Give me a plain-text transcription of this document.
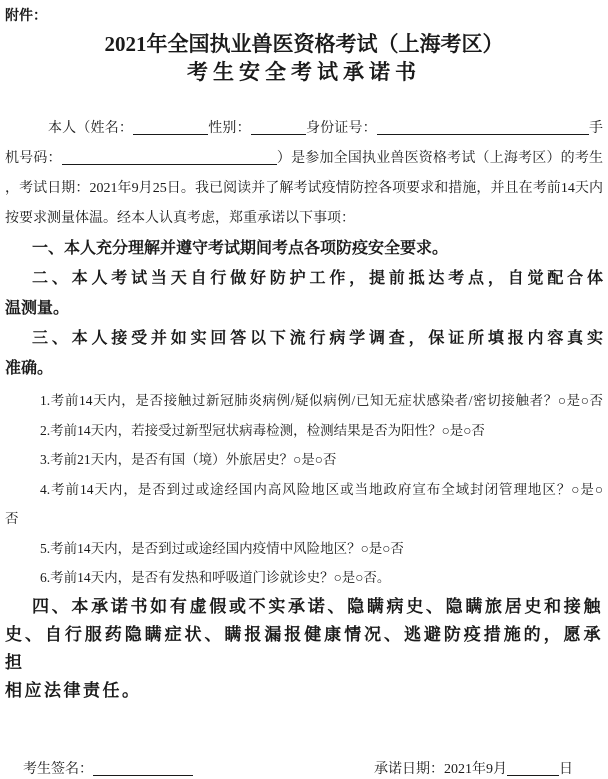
附件：
2021年全国执业兽医资格考试（上海考区）
考生安全考试承诺书
本人（姓名：	性别：	身份证号：	手
机号码：	）是参加全国执业兽医资格考试（上海考区）的考生
，考试日期：2021年9月25日。我已阅读并了解考试疫情防控各项要求和措施，并且在考前14天内
按要求测量体温。经本人认真考虑，郑重承诺以下事项：
一、本人充分理解并遵守考试期间考点各项防疫安全要求。
二、本人考试当天自行做好防护工作，提前抵达考点，自觉配合体
温测量。
三、本人接受并如实回答以下流行病学调查，保证所填报内容真实
准确。
1.考前14天内，是否接触过新冠肺炎病例/疑似病例/已知无症状感染者/密切接触者？○是○否
2.考前14天内，若接受过新型冠状病毒检测，检测结果是否为阳性？○是○否
3.考前21天内，是否有国（境）外旅居史？○是○否
4.考前14天内，是否到过或途经国内高风险地区或当地政府宣布全域封闭管理地区？○是○
否
5.考前14天内，是否到过或途经国内疫情中风险地区？○是○否
6.考前14天内，是否有发热和呼吸道门诊就诊史？○是○否。
四、本承诺书如有虚假或不实承诺、隐瞒病史、隐瞒旅居史和接触
史、自行服药隐瞒症状、瞒报漏报健康情况、逃避防疫措施的，愿承担
相应法律责任。
考生签名：	承诺日期：2021年9月	日
